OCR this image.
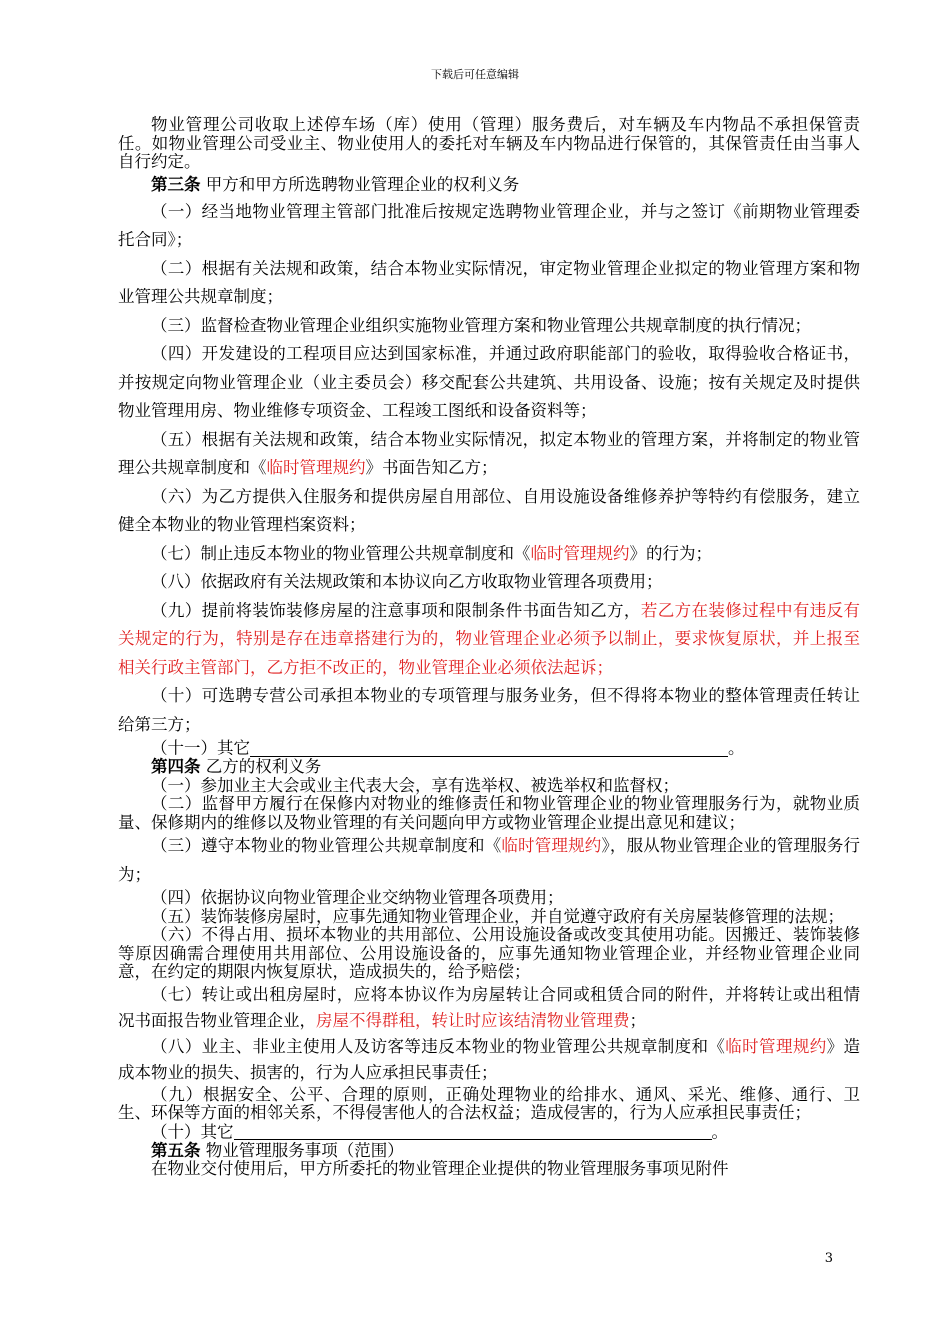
下载后可任意编辑

物业管理公司收取上述停车场（库）使用（管理）服务费后，对车辆及车内物品不承担保管责任。如物业管理公司受业主、物业使用人的委托对车辆及车内物品进行保管的，其保管责任由当事人自行约定。

第三条 甲方和甲方所选聘物业管理企业的权利义务

（一）经当地物业管理主管部门批准后按规定选聘物业管理企业，并与之签订《前期物业管理委托合同》；

（二）根据有关法规和政策，结合本物业实际情况，审定物业管理企业拟定的物业管理方案和物业管理公共规章制度；

（三）监督检查物业管理企业组织实施物业管理方案和物业管理公共规章制度的执行情况；

（四）开发建设的工程项目应达到国家标准，并通过政府职能部门的验收，取得验收合格证书，并按规定向物业管理企业（业主委员会）移交配套公共建筑、共用设备、设施；按有关规定及时提供物业管理用房、物业维修专项资金、工程竣工图纸和设备资料等；

（五）根据有关法规和政策，结合本物业实际情况，拟定本物业的管理方案，并将制定的物业管理公共规章制度和《临时管理规约》书面告知乙方；

（六）为乙方提供入住服务和提供房屋自用部位、自用设施设备维修养护等特约有偿服务，建立健全本物业的物业管理档案资料；

（七）制止违反本物业的物业管理公共规章制度和《临时管理规约》的行为；

（八）依据政府有关法规政策和本协议向乙方收取物业管理各项费用；

（九）提前将装饰装修房屋的注意事项和限制条件书面告知乙方，若乙方在装修过程中有违反有关规定的行为，特别是存在违章搭建行为的，物业管理企业必须予以制止，要求恢复原状，并上报至相关行政主管部门，乙方拒不改正的，物业管理企业必须依法起诉；

（十）可选聘专营公司承担本物业的专项管理与服务业务，但不得将本物业的整体管理责任转让给第三方；

（十一）其它	。

第四条 乙方的权利义务

（一）参加业主大会或业主代表大会，享有选举权、被选举权和监督权；

（二）监督甲方履行在保修内对物业的维修责任和物业管理企业的物业管理服务行为，就物业质量、保修期内的维修以及物业管理的有关问题向甲方或物业管理企业提出意见和建议；

（三）遵守本物业的物业管理公共规章制度和《临时管理规约》，服从物业管理企业的管理服务行为；

（四）依据协议向物业管理企业交纳物业管理各项费用；

（五）装饰装修房屋时，应事先通知物业管理企业，并自觉遵守政府有关房屋装修管理的法规；

（六）不得占用、损坏本物业的共用部位、公用设施设备或改变其使用功能。因搬迁、装饰装修等原因确需合理使用共用部位、公用设施设备的，应事先通知物业管理企业，并经物业管理企业同意，在约定的期限内恢复原状，造成损失的，给予赔偿；

（七）转让或出租房屋时，应将本协议作为房屋转让合同或租赁合同的附件，并将转让或出租情况书面报告物业管理企业，房屋不得群租，转让时应该结清物业管理费；

（八）业主、非业主使用人及访客等违反本物业的物业管理公共规章制度和《临时管理规约》造成本物业的损失、损害的，行为人应承担民事责任；

（九）根据安全、公平、合理的原则，正确处理物业的给排水、通风、采光、维修、通行、卫生、环保等方面的相邻关系，不得侵害他人的合法权益；造成侵害的，行为人应承担民事责任；

（十）其它	。

第五条 物业管理服务事项（范围）

在物业交付使用后，甲方所委托的物业管理企业提供的物业管理服务事项见附件

3
